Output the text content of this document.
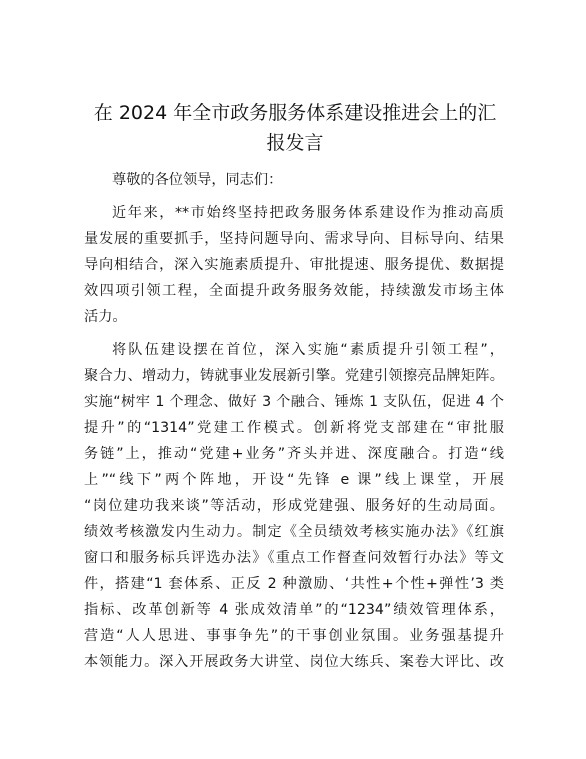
在 2024 年全市政务服务体系建设推进会上的汇
报发言
尊敬的各位领导，同志们：
近年来，**市始终坚持把政务服务体系建设作为推动高质
量发展的重要抓手，坚持问题导向、需求导向、目标导向、结果
导向相结合，深入实施素质提升、审批提速、服务提优、数据提
效四项引领工程，全面提升政务服务效能，持续激发市场主体
活力。
将队伍建设摆在首位，深入实施“素质提升引领工程”，
聚合力、增动力，铸就事业发展新引擎。党建引领擦亮品牌矩阵。
实施“树牢 1 个理念、做好 3 个融合、锤炼 1 支队伍，促进 4 个
提升”的“1314”党建工作模式。创新将党支部建在“审批服
务链”上，推动“党建+业务”齐头并进、深度融合。打造“线
上”“线下”两个阵地，开设“先锋 e 课”线上课堂，开展
“岗位建功我来谈”等活动，形成党建强、服务好的生动局面。
绩效考核激发内生动力。制定《全员绩效考核实施办法》《红旗
窗口和服务标兵评选办法》《重点工作督查问效暂行办法》等文
件，搭建“1 套体系、正反 2 种激励、‘共性+个性+弹性’3 类
指标、改革创新等 4 张成效清单”的“1234”绩效管理体系，
营造“人人思进、事事争先”的干事创业氛围。业务强基提升
本领能力。深入开展政务大讲堂、岗位大练兵、案卷大评比、改
